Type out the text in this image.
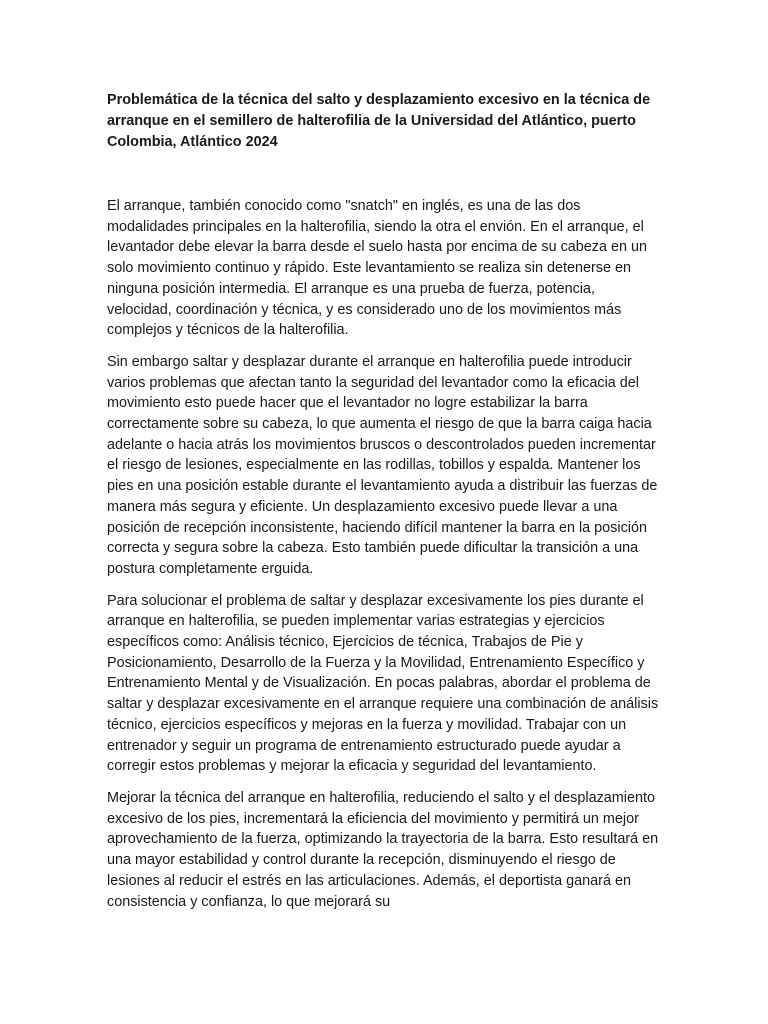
Problemática de la técnica del salto y desplazamiento excesivo en la técnica de arranque en el semillero de halterofilia de la Universidad del Atlántico, puerto Colombia, Atlántico 2024

El arranque, también conocido como "snatch" en inglés, es una de las dos modalidades principales en la halterofilia, siendo la otra el envión. En el arranque, el levantador debe elevar la barra desde el suelo hasta por encima de su cabeza en un solo movimiento continuo y rápido. Este levantamiento se realiza sin detenerse en ninguna posición intermedia. El arranque es una prueba de fuerza, potencia, velocidad, coordinación y técnica, y es considerado uno de los movimientos más complejos y técnicos de la halterofilia.

Sin embargo saltar y desplazar durante el arranque en halterofilia puede introducir varios problemas que afectan tanto la seguridad del levantador como la eficacia del movimiento esto puede hacer que el levantador no logre estabilizar la barra correctamente sobre su cabeza, lo que aumenta el riesgo de que la barra caiga hacia adelante o hacia atrás los movimientos bruscos o descontrolados pueden incrementar el riesgo de lesiones, especialmente en las rodillas, tobillos y espalda. Mantener los pies en una posición estable durante el levantamiento ayuda a distribuir las fuerzas de manera más segura y eficiente. Un desplazamiento excesivo puede llevar a una posición de recepción inconsistente, haciendo difícil mantener la barra en la posición correcta y segura sobre la cabeza. Esto también puede dificultar la transición a una postura completamente erguida.

Para solucionar el problema de saltar y desplazar excesivamente los pies durante el arranque en halterofilia, se pueden implementar varias estrategias y ejercicios específicos como: Análisis técnico, Ejercicios de técnica, Trabajos de Pie y Posicionamiento, Desarrollo de la Fuerza y la Movilidad, Entrenamiento Específico y Entrenamiento Mental y de Visualización. En pocas palabras, abordar el problema de saltar y desplazar excesivamente en el arranque requiere una combinación de análisis técnico, ejercicios específicos y mejoras en la fuerza y movilidad. Trabajar con un entrenador y seguir un programa de entrenamiento estructurado puede ayudar a corregir estos problemas y mejorar la eficacia y seguridad del levantamiento.

Mejorar la técnica del arranque en halterofilia, reduciendo el salto y el desplazamiento excesivo de los pies, incrementará la eficiencia del movimiento y permitirá un mejor aprovechamiento de la fuerza, optimizando la trayectoria de la barra. Esto resultará en una mayor estabilidad y control durante la recepción, disminuyendo el riesgo de lesiones al reducir el estrés en las articulaciones. Además, el deportista ganará en consistencia y confianza, lo que mejorará su
